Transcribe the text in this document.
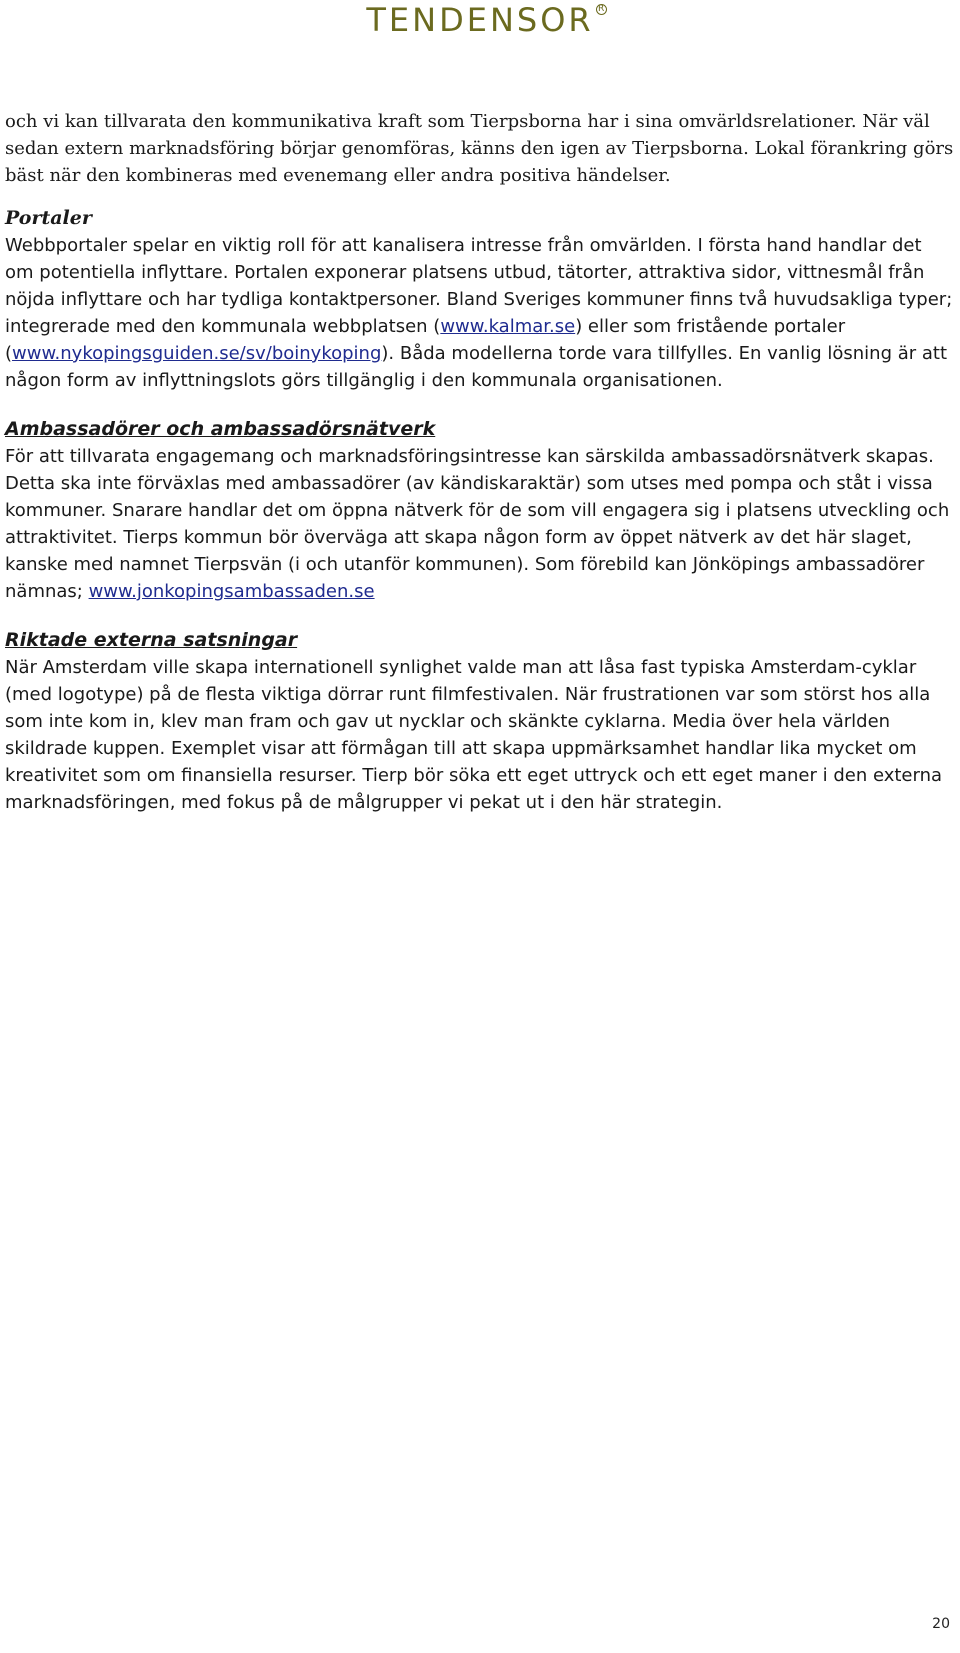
TENDENSOR R

och vi kan tillvarata den kommunikativa kraft som Tierpsborna har i sina omvärldsrelationer. När väl sedan extern marknadsföring börjar genomföras, känns den igen av Tierpsborna. Lokal förankring görs bäst när den kombineras med evenemang eller andra positiva händelser.

Portaler

Webbportaler spelar en viktig roll för att kanalisera intresse från omvärlden. I första hand handlar det om potentiella inflyttare. Portalen exponerar platsens utbud, tätorter, attraktiva sidor, vittnesmål från nöjda inflyttare och har tydliga kontaktpersoner. Bland Sveriges kommuner finns två huvudsakliga typer; integrerade med den kommunala webbplatsen (www.kalmar.se) eller som fristående portaler (www.nykopingsguiden.se/sv/boinykoping). Båda modellerna torde vara tillfylles. En vanlig lösning är att någon form av inflyttningslots görs tillgänglig i den kommunala organisationen.

Ambassadörer och ambassadörsnätverk

För att tillvarata engagemang och marknadsföringsintresse kan särskilda ambassadörsnätverk skapas. Detta ska inte förväxlas med ambassadörer (av kändiskaraktär) som utses med pompa och ståt i vissa kommuner. Snarare handlar det om öppna nätverk för de som vill engagera sig i platsens utveckling och attraktivitet. Tierps kommun bör överväga att skapa någon form av öppet nätverk av det här slaget, kanske med namnet Tierpsvän (i och utanför kommunen). Som förebild kan Jönköpings ambassadörer nämnas; www.jonkopingsambassaden.se

Riktade externa satsningar

När Amsterdam ville skapa internationell synlighet valde man att låsa fast typiska Amsterdam-cyklar (med logotype) på de flesta viktiga dörrar runt filmfestivalen. När frustrationen var som störst hos alla som inte kom in, klev man fram och gav ut nycklar och skänkte cyklarna. Media över hela världen skildrade kuppen. Exemplet visar att förmågan till att skapa uppmärksamhet handlar lika mycket om kreativitet som om finansiella resurser. Tierp bör söka ett eget uttryck och ett eget maner i den externa marknadsföringen, med fokus på de målgrupper vi pekat ut i den här strategin.

20
